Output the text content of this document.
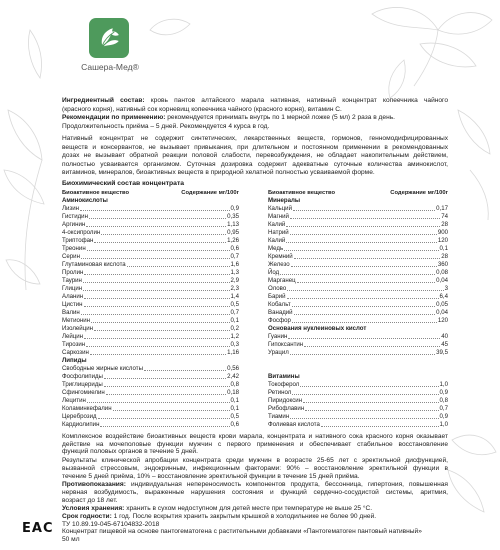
Сашера-Мед®
Ингредиентный состав: кровь пантов алтайского марала нативная, нативный концентрат копеечника чайного
(красного корня), нативный сок корневищ копеечника чайного (красного корня), витамин С.
Рекомендации по применению: рекомендуется принимать внутрь по 1 мерной ложке (5 мл) 2 раза в день.
Продолжительность приёма – 5 дней. Рекомендуется 4 курса в год.
Нативный концентрат не содержит синтетических, лекарственных веществ, гормонов, генномодифицированных
веществ и консервантов, не вызывает привыкания, при длительном и постоянном применении в рекомендованных
дозах не вызывает обратной реакции половой слабости, перевозбуждения, не обладает накопительным действием,
полностью усваивается организмом. Суточная дозировка содержит адекватные суточные количества аминокислот,
витаминов, минералов, биоактивных веществ в природной хелатной полностью усваиваемой форме.
Биохимический состав концентрата
Биоактивное вещество	Содержание мг/100г
Аминокислоты
Лизин	0,9
Гистидин	0,35
Аргинин	1,13
4-оксипролин	0,95
Триптофан	1,26
Треонин	0,6
Серин	0,7
Глутаминовая кислота	1,6
Пролин	1,3
Таурин	2,9
Глицин	2,3
Аланин	1,4
Цистин	0,5
Валин	0,7
Метионин	0,1
Изолейцин	0,2
Лейцин	1,2
Тирозин	0,3
Саркозин	1,16
Липиды
Свободные жирные кислоты	0,56
Фосфолипиды	2,42
Триглицериды	0,8
Сфингомиелин	0,18
Лецитин	0,1
Коламинкефалин	0,1
Цереброзид	0,5
Кардиолипин	0,6
Биоактивное вещество	Содержание мг/100г
Минералы
Кальций	0,17
Магний	74
Калий	28
Натрий	900
Калий	120
Медь	0,1
Кремний	28
Железо	360
Йод	0,08
Марганец	0,04
Олово	3
Барий	6,4
Кобальт	0,05
Ванадий	0,04
Фосфор	120
Основания нуклеиновых кислот
Гуанин	40
Гипоксантин	45
Урацил	39,5
Витамины
Токоферол	1,0
Ретинол	0,9
Пиридоксин	0,8
Рибофлавин	0,7
Тиамин	0,9
Фолиевая кислота	1,0
Комплексное воздействие биоактивных веществ крови марала, концентрата и нативного сока красного корня оказывает
действие на мочеполовые функции мужчин с первого применения и обеспечивает стабильное восстановление
функций половых органов в течение 5 дней.
Результаты клинической апробации концентрата среди мужчин в возрасте 25-65 лет с эректильной дисфункцией,
вызванной стрессовым, эндокринным, инфекционным факторами: 90% – восстановление эректильной функции в
течение 5 дней приёма, 10% – восстановление эректильной функции в течение 15 дней приёма.
Противопоказания: индивидуальная непереносимость компонентов продукта, бессонница, гипертония, повышенная
нервная возбудимость, выраженные нарушения состояния и функций сердечно-сосудистой системы, аритмия,
возраст до 18 лет.
Условия хранения: хранить в сухом недоступном для детей месте при температуре не выше 25 °С.
Срок годности: 1 год. После вскрытия хранить закрытым крышкой в холодильнике не более 90 дней.
ТУ 10.89.19-045-67104832-2018
Концентрат пищевой на основе пантогематогена с растительными добавками «Пантогематоген пантовый нативный»
50 мл
EAC
